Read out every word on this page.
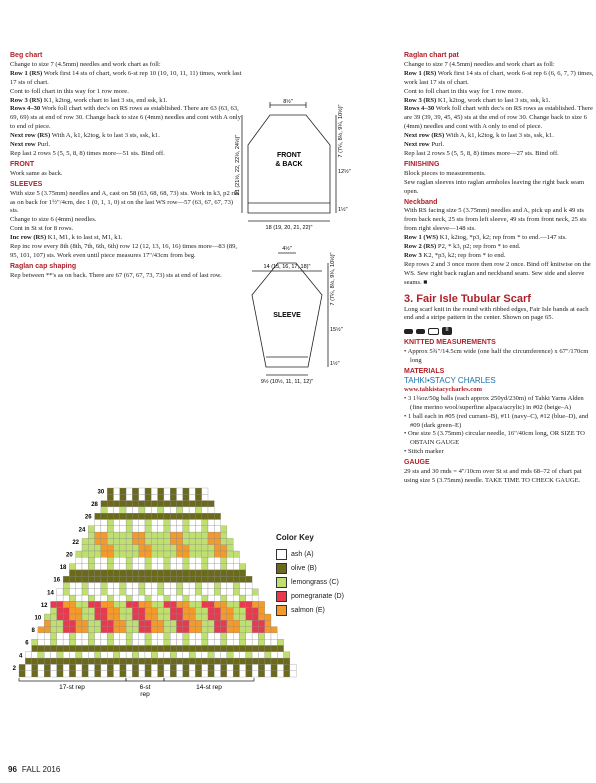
Beg chart

Change to size 7 (4.5mm) needles and work chart as foll:

Row 1 (RS) Work first 14 sts of chart, work 6-st rep 10 (10, 10, 11, 11) times, work last 17 sts of chart.

Cont to foll chart in this way for 1 row more.

Row 3 (RS) K1, k2tog, work chart to last 3 sts, end ssk, k1.

Rows 4–30 Work foll chart with dec's on RS rows as established. There are 63 (63, 63, 69, 69) sts at end of row 30. Change back to size 6 (4mm) needles and cont with A only to end of piece.

Next row (RS) With A, k1, k2tog, k to last 3 sts, ssk, k1.

Next row Purl.

Rep last 2 rows 5 (5, 5, 8, 8) times more—51 sts. Bind off.

FRONT

Work same as back.

SLEEVES

With size 5 (3.75mm) needles and A, cast on 58 (63, 68, 68, 73) sts. Work in k3, p2 rib as on back for 1½"/4cm, dec 1 (0, 1, 1, 0) st on the last WS row—57 (63, 67, 67, 73) sts.

Change to size 6 (4mm) needles.

Cont in St st for 8 rows.

Inc row (RS) K1, M1, k to last st, M1, k1.

Rep inc row every 8th (8th, 7th, 6th, 6th) row 12 (12, 13, 16, 16) times more—83 (89, 95, 101, 107) sts. Work even until piece measures 17"/43cm from beg.

Raglan cap shaping

Rep between **'s as on back. There are 67 (67, 67, 73, 73) sts at end of last row.

FRONT
& BACK
8½"
21 (21½, 22, 22½, 24½)"
7 (7¼, 8½, 9¼, 10½)"
12½"
1½"
18 (19, 20, 21, 22)"
SLEEVE
4½"
14 (15, 16, 17, 18)"	7 (7¼, 8½, 9¼, 10½)"
15½"
1½"
9½ (10½, 11, 11, 12)"
30
28
26
24
22
20
18
16
14
12
10
8
6
4
2
17-st rep	6-st
rep
14-st rep
Color Key
ash (A)
olive (B)
lemongrass (C)
pomegranate (D)
salmon (E)

Raglan chart pat

Change to size 7 (4.5mm) needles and work chart as foll:

Row 1 (RS) Work first 14 sts of chart, work 6-st rep 6 (6, 6, 7, 7) times, work last 17 sts of chart.

Cont to foll chart in this way for 1 row more.

Row 3 (RS) K1, k2tog, work chart to last 3 sts, ssk, k1.

Rows 4–30 Work foll chart with dec's on RS rows as established. There are 39 (39, 39, 45, 45) sts at the end of row 30. Change back to size 6 (4mm) needles and cont with A only to end of piece.

Next row (RS) With A, k1, k2tog, k to last 3 sts, ssk, k1.

Next row Purl.

Rep last 2 rows 5 (5, 5, 8, 8) times more—27 sts. Bind off.

FINISHING

Block pieces to measurements.

Sew raglan sleeves into raglan armholes leaving the right back seam open.

Neckband

With RS facing size 5 (3.75mm) needles and A, pick up and k 49 sts from back neck, 25 sts from left sleeve, 49 sts from front neck, 25 sts from right sleeve—148 sts.

Row 1 (WS) K1, k2tog, *p3, k2; rep from * to end.—147 sts.

Row 2 (RS) P2, * k3, p2; rep from * to end.

Row 3 K2, *p3, k2; rep from * to end.

Rep rows 2 and 3 once more then row 2 once. Bind off knitwise on the WS. Sew right back raglan and neckband seam. Sew side and sleeve seams. ■

3. Fair Isle Tubular Scarf

Long scarf knit in the round with ribbed edges, Fair Isle bands at each end and a stripe pattern in the center. Shown on page 65.

II

KNITTED MEASUREMENTS

• Approx 5¾"/14.5cm wide (one half the circumference) x 67"/170cm long

MATERIALS

TAHKI•STACY CHARLES

www.tahkistacycharles.com

• 3 1¾oz/50g balls (each approx 250yd/230m) of Tahki Yarns Alden (fine merino wool/superfine alpaca/acrylic) in #02 (beige–A)

• 1 ball each in #05 (red currant–B), #11 (navy–C), #12 (blue–D), and #09 (dark green–E)

• One size 5 (3.75mm) circular needle, 16"/40cm long, OR SIZE TO OBTAIN GAUGE

• Stitch marker

GAUGE

29 sts and 30 rnds = 4"/10cm over St st and rnds 68–72 of chart pat using size 5 (3.75mm) needle. TAKE TIME TO CHECK GAUGE.

96 FALL 2016
